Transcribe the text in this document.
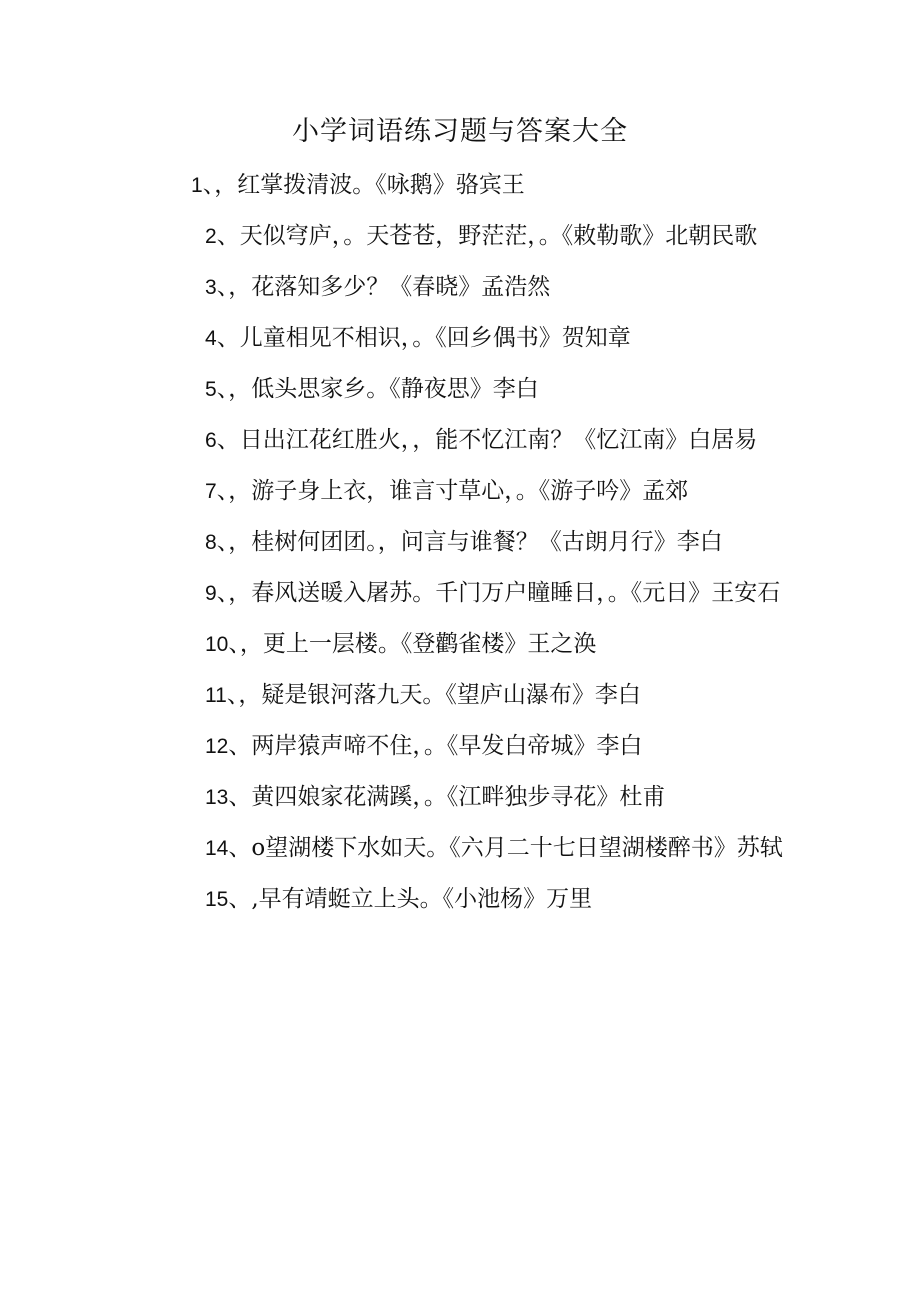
小学词语练习题与答案大全

1、，红掌拨清波。《咏鹅》骆宾王

2、天似穹庐，。天苍苍，野茫茫，。《敕勒歌》北朝民歌

3、，花落知多少？《春晓》孟浩然

4、儿童相见不相识，。《回乡偶书》贺知章

5、，低头思家乡。《静夜思》李白

6、日出江花红胜火，，能不忆江南？《忆江南》白居易

7、，游子身上衣，谁言寸草心，。《游子吟》孟郊

8、，桂树何团团。，问言与谁餐？《古朗月行》李白

9、，春风送暖入屠苏。千门万户瞳睡日，。《元日》王安石

10、，更上一层楼。《登鹳雀楼》王之涣

11、，疑是银河落九天。《望庐山瀑布》李白

12、两岸猿声啼不住，。《早发白帝城》李白

13、黄四娘家花满蹊，。《江畔独步寻花》杜甫

14、o望湖楼下水如天。《六月二十七日望湖楼醉书》苏轼

15、,早有靖蜓立上头。《小池杨》万里
